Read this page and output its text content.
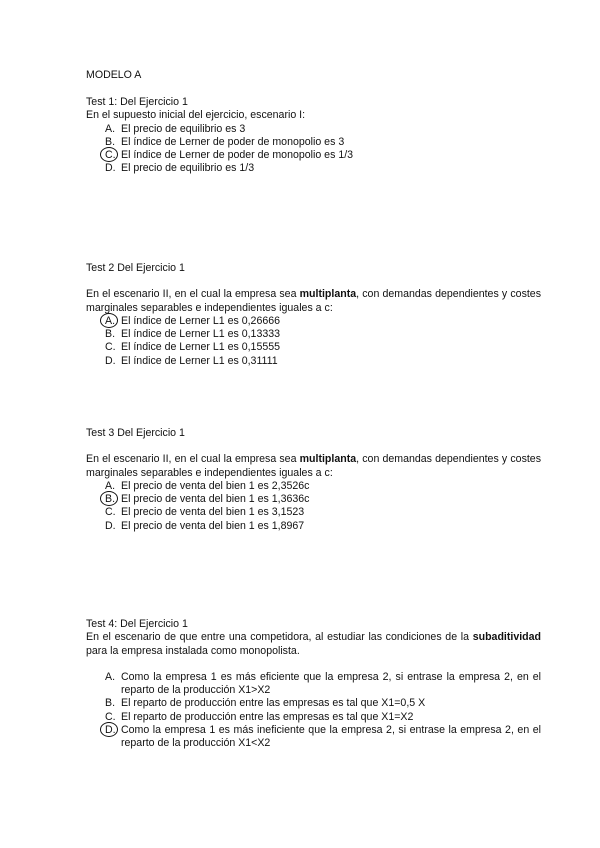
MODELO A
Test 1: Del Ejercicio 1
En el supuesto inicial del ejercicio, escenario I:
A. El precio de equilibrio es 3
B. El índice de Lerner de poder de monopolio es 3
C. El índice de Lerner de poder de monopolio es 1/3
D. El precio de equilibrio es 1/3
Test 2 Del Ejercicio 1
En el escenario II, en el cual la empresa sea multiplanta, con demandas dependientes y costes marginales separables e independientes iguales a c:
A. El índice de Lerner L1 es 0,26666
B. El índice de Lerner L1 es 0,13333
C. El índice de Lerner L1 es 0,15555
D. El índice de Lerner L1 es 0,31111
Test 3 Del Ejercicio 1
En el escenario II, en el cual la empresa sea multiplanta, con demandas dependientes y costes marginales separables e independientes iguales a c:
A. El precio de venta del bien 1 es 2,3526c
B. El precio de venta del bien 1 es 1,3636c
C. El precio de venta del bien 1 es 3,1523
D. El precio de venta del bien 1 es 1,8967
Test 4: Del Ejercicio 1
En el escenario de que entre una competidora, al estudiar las condiciones de la subaditividad para la empresa instalada como monopolista.
A. Como la empresa 1 es más eficiente que la empresa 2, si entrase la empresa 2, en el reparto de la producción X1>X2
B. El reparto de producción entre las empresas es tal que X1=0,5 X
C. El reparto de producción entre las empresas es tal que X1=X2
D. Como la empresa 1 es más ineficiente que la empresa 2, si entrase la empresa 2, en el reparto de la producción X1<X2
